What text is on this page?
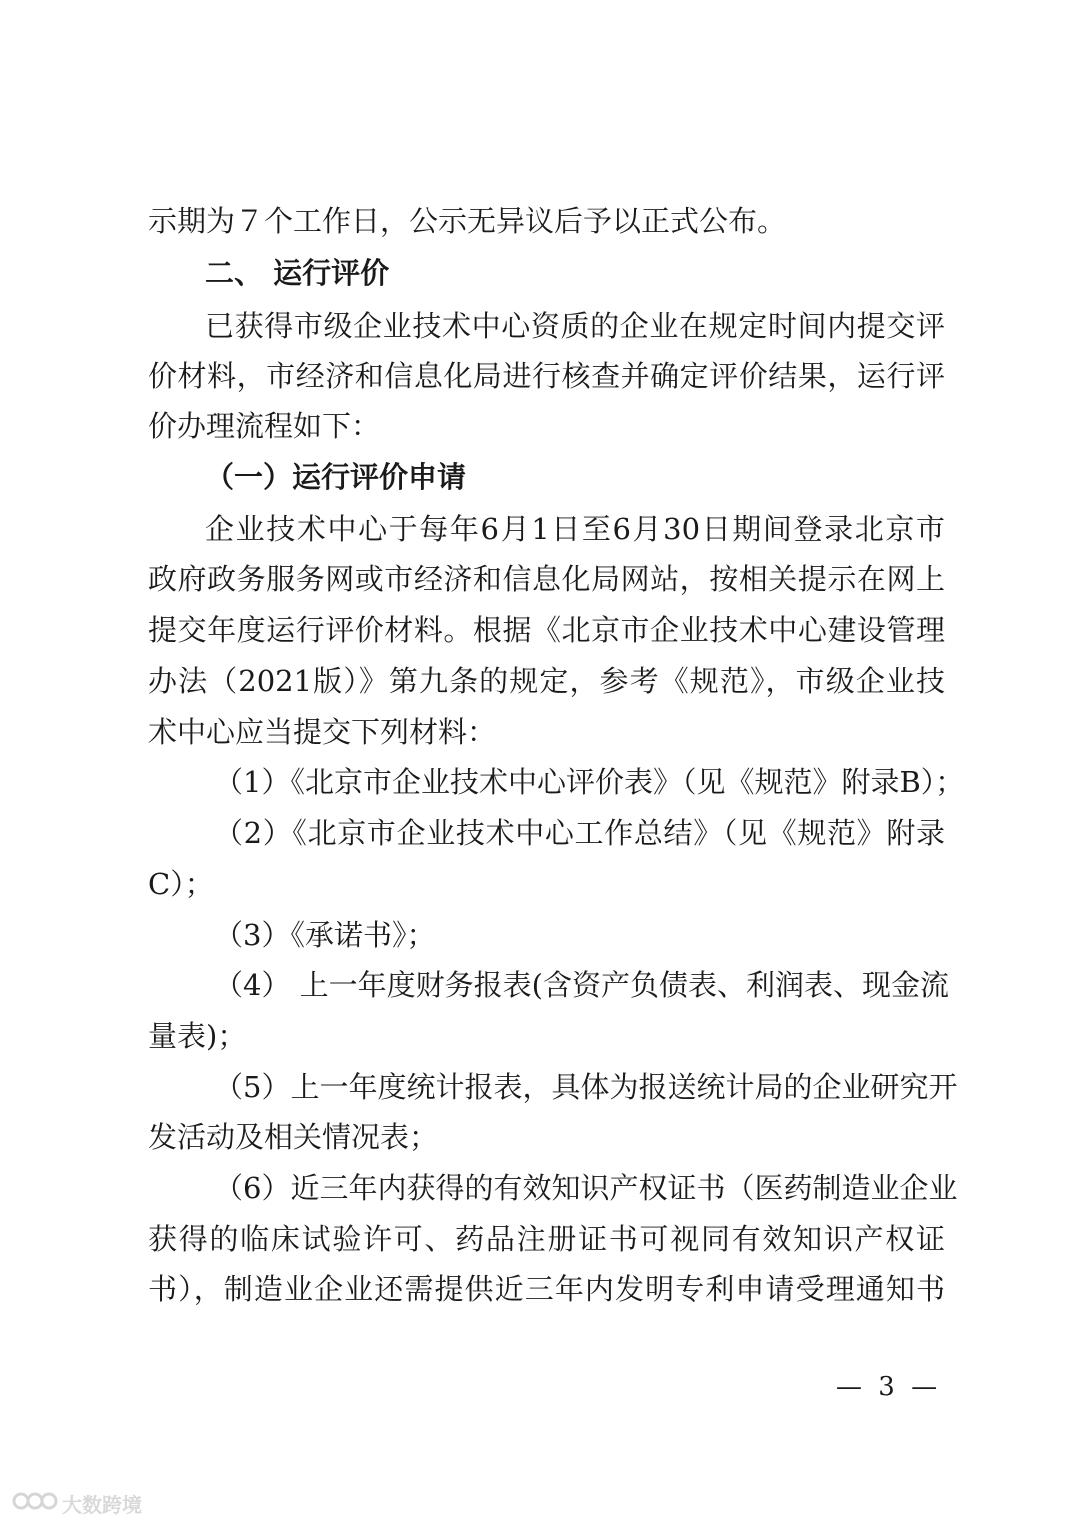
示期为７个工作日，公示无异议后予以正式公布。
二、 运行评价
已获得市级企业技术中心资质的企业在规定时间内提交评
价材料，市经济和信息化局进行核查并确定评价结果，运行评
价办理流程如下：
（一）运行评价申请
企业技术中心于每年6月1日至6月30日期间登录北京市
政府政务服务网或市经济和信息化局网站，按相关提示在网上
提交年度运行评价材料。根据《北京市企业技术中心建设管理
办法（2021版）》第九条的规定，参考《规范》，市级企业技
术中心应当提交下列材料：
（1）《北京市企业技术中心评价表》（见《规范》附录B）；
（2）《北京市企业技术中心工作总结》（见《规范》附录
C）；
（3）《承诺书》；
（4） 上一年度财务报表(含资产负债表、利润表、现金流
量表)；
（5）上一年度统计报表，具体为报送统计局的企业研究开
发活动及相关情况表；
（6）近三年内获得的有效知识产权证书（医药制造业企业
获得的临床试验许可、药品注册证书可视同有效知识产权证
书），制造业企业还需提供近三年内发明专利申请受理通知书
— 3 —
大数跨境
